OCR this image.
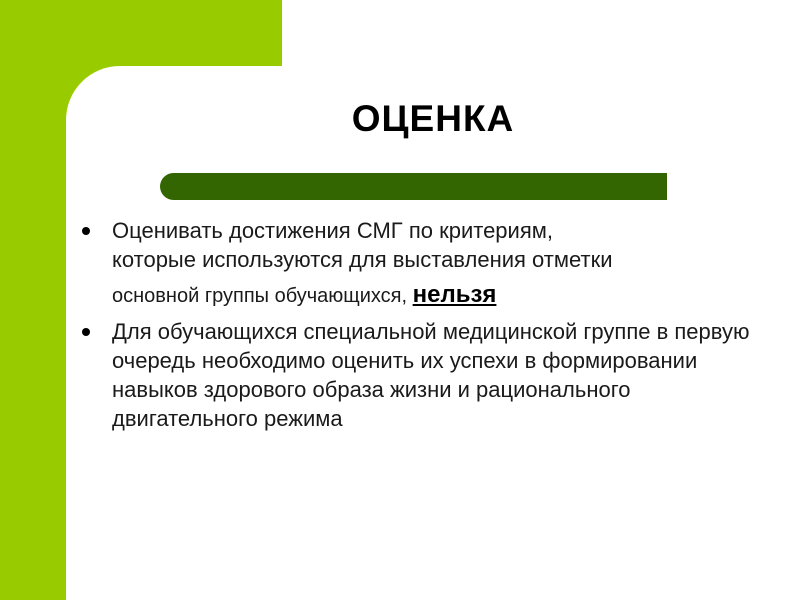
ОЦЕНКА
Оценивать достижения СМГ по критериям,
которые используются для выставления отметки
основной группы обучающихся, нельзя
Для обучающихся специальной медицинской группе в первую очередь необходимо оценить их успехи в формировании навыков здорового образа жизни и рационального двигательного режима
